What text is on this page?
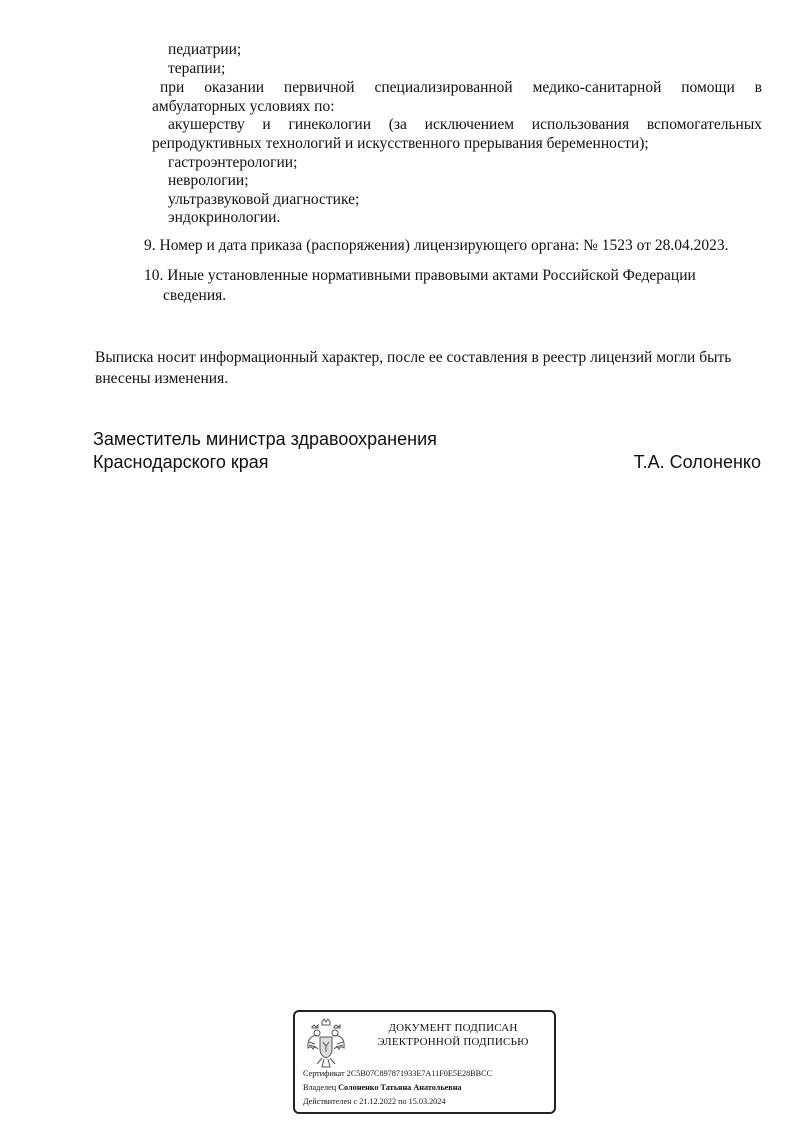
педиатрии;
терапии;
при оказании первичной специализированной медико-санитарной помощи в
амбулаторных условиях по:
акушерству и гинекологии (за исключением использования вспомогательных
репродуктивных технологий и искусственного прерывания беременности);
гастроэнтерологии;
неврологии;
ультразвуковой диагностике;
эндокринологии.
9. Номер и дата приказа (распоряжения) лицензирующего органа: № 1523 от 28.04.2023.
10. Иные установленные нормативными правовыми актами Российской Федерации
сведения.
Выписка носит информационный характер, после ее составления в реестр лицензий могли быть
внесены изменения.
Заместитель министра здравоохранения
Краснодарского края	Т.А. Солоненко
ДОКУМЕНТ ПОДПИСАН
ЭЛЕКТРОННОЙ ПОДПИСЬЮ
Сертификат 2C5B07C897871933E7A11F0E5E28BBCC
Владелец Солоненко Татьяна Анатольевна
Действителен с 21.12.2022 по 15.03.2024
